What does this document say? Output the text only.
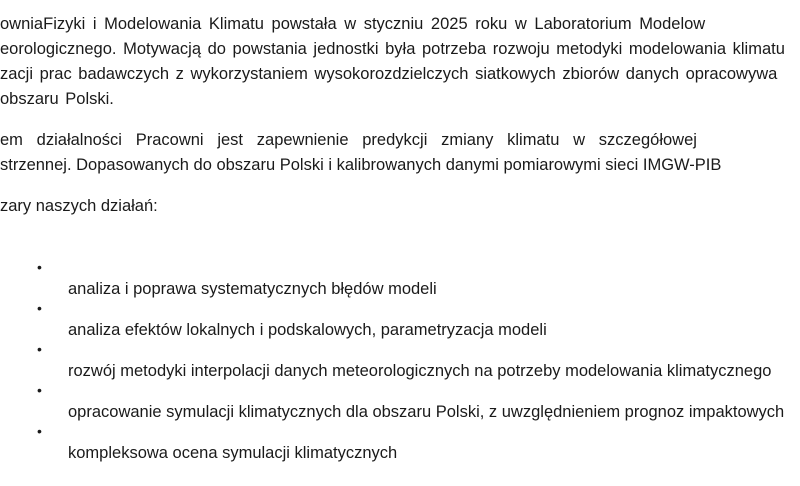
owniaFizyki i Modelowania Klimatu powstała w styczniu 2025 roku w Laboratorium Modelow
eorologicznego. Motywacją do powstania jednostki była potrzeba rozwoju metodyki modelowania klimatu
zacji prac badawczych z wykorzystaniem wysokorozdzielczych siatkowych zbiorów danych opracowywa
obszaru Polski.
em   działalności   Pracowni   jest   zapewnienie   predykcji   zmiany   klimatu   w   szczegółowej
strzennej. Dopasowanych do obszaru Polski i kalibrowanych danymi pomiarowymi sieci IMGW-PIB
zary naszych działań:

•

analiza i poprawa systematycznych błędów modeli

•

analiza efektów lokalnych i podskalowych, parametryzacja modeli

•

rozwój metodyki interpolacji danych meteorologicznych na potrzeby modelowania klimatycznego

•

opracowanie symulacji klimatycznych dla obszaru Polski, z uwzględnieniem prognoz impaktowych

•

kompleksowa ocena symulacji klimatycznych
